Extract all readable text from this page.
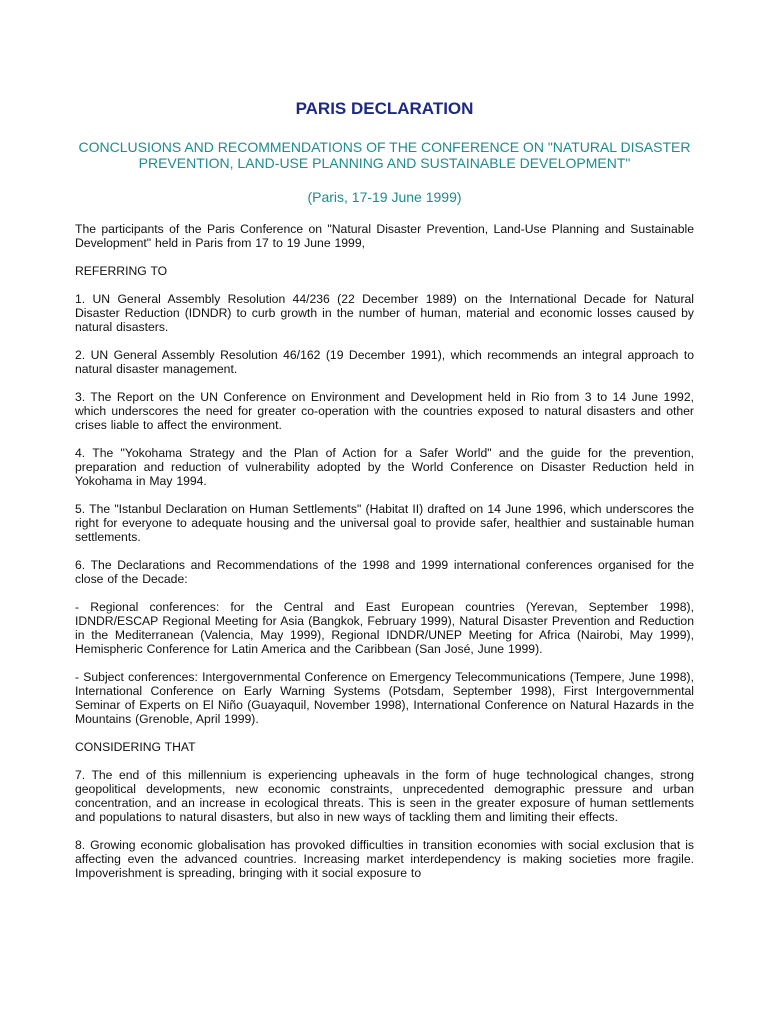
PARIS DECLARATION
CONCLUSIONS AND RECOMMENDATIONS OF THE CONFERENCE ON "NATURAL DISASTER PREVENTION, LAND-USE PLANNING AND SUSTAINABLE DEVELOPMENT"
(Paris, 17-19 June 1999)

The participants of the Paris Conference on "Natural Disaster Prevention, Land-Use Planning and Sustainable Development" held in Paris from 17 to 19 June 1999,

REFERRING TO

1. UN General Assembly Resolution 44/236 (22 December 1989) on the International Decade for Natural Disaster Reduction (IDNDR) to curb growth in the number of human, material and economic losses caused by natural disasters.

2. UN General Assembly Resolution 46/162 (19 December 1991), which recommends an integral approach to natural disaster management.

3. The Report on the UN Conference on Environment and Development held in Rio from 3 to 14 June 1992, which underscores the need for greater co-operation with the countries exposed to natural disasters and other crises liable to affect the environment.

4. The "Yokohama Strategy and the Plan of Action for a Safer World" and the guide for the prevention, preparation and reduction of vulnerability adopted by the World Conference on Disaster Reduction held in Yokohama in May 1994.

5. The "Istanbul Declaration on Human Settlements" (Habitat II) drafted on 14 June 1996, which underscores the right for everyone to adequate housing and the universal goal to provide safer, healthier and sustainable human settlements.

6. The Declarations and Recommendations of the 1998 and 1999 international conferences organised for the close of the Decade:

- Regional conferences: for the Central and East European countries (Yerevan, September 1998), IDNDR/ESCAP Regional Meeting for Asia (Bangkok, February 1999), Natural Disaster Prevention and Reduction in the Mediterranean (Valencia, May 1999), Regional IDNDR/UNEP Meeting for Africa (Nairobi, May 1999), Hemispheric Conference for Latin America and the Caribbean (San José, June 1999).

- Subject conferences: Intergovernmental Conference on Emergency Telecommunications (Tempere, June 1998), International Conference on Early Warning Systems (Potsdam, September 1998), First Intergovernmental Seminar of Experts on El Niño (Guayaquil, November 1998), International Conference on Natural Hazards in the Mountains (Grenoble, April 1999).

CONSIDERING THAT

7. The end of this millennium is experiencing upheavals in the form of huge technological changes, strong geopolitical developments, new economic constraints, unprecedented demographic pressure and urban concentration, and an increase in ecological threats. This is seen in the greater exposure of human settlements and populations to natural disasters, but also in new ways of tackling them and limiting their effects.

8. Growing economic globalisation has provoked difficulties in transition economies with social exclusion that is affecting even the advanced countries. Increasing market interdependency is making societies more fragile. Impoverishment is spreading, bringing with it social exposure to
